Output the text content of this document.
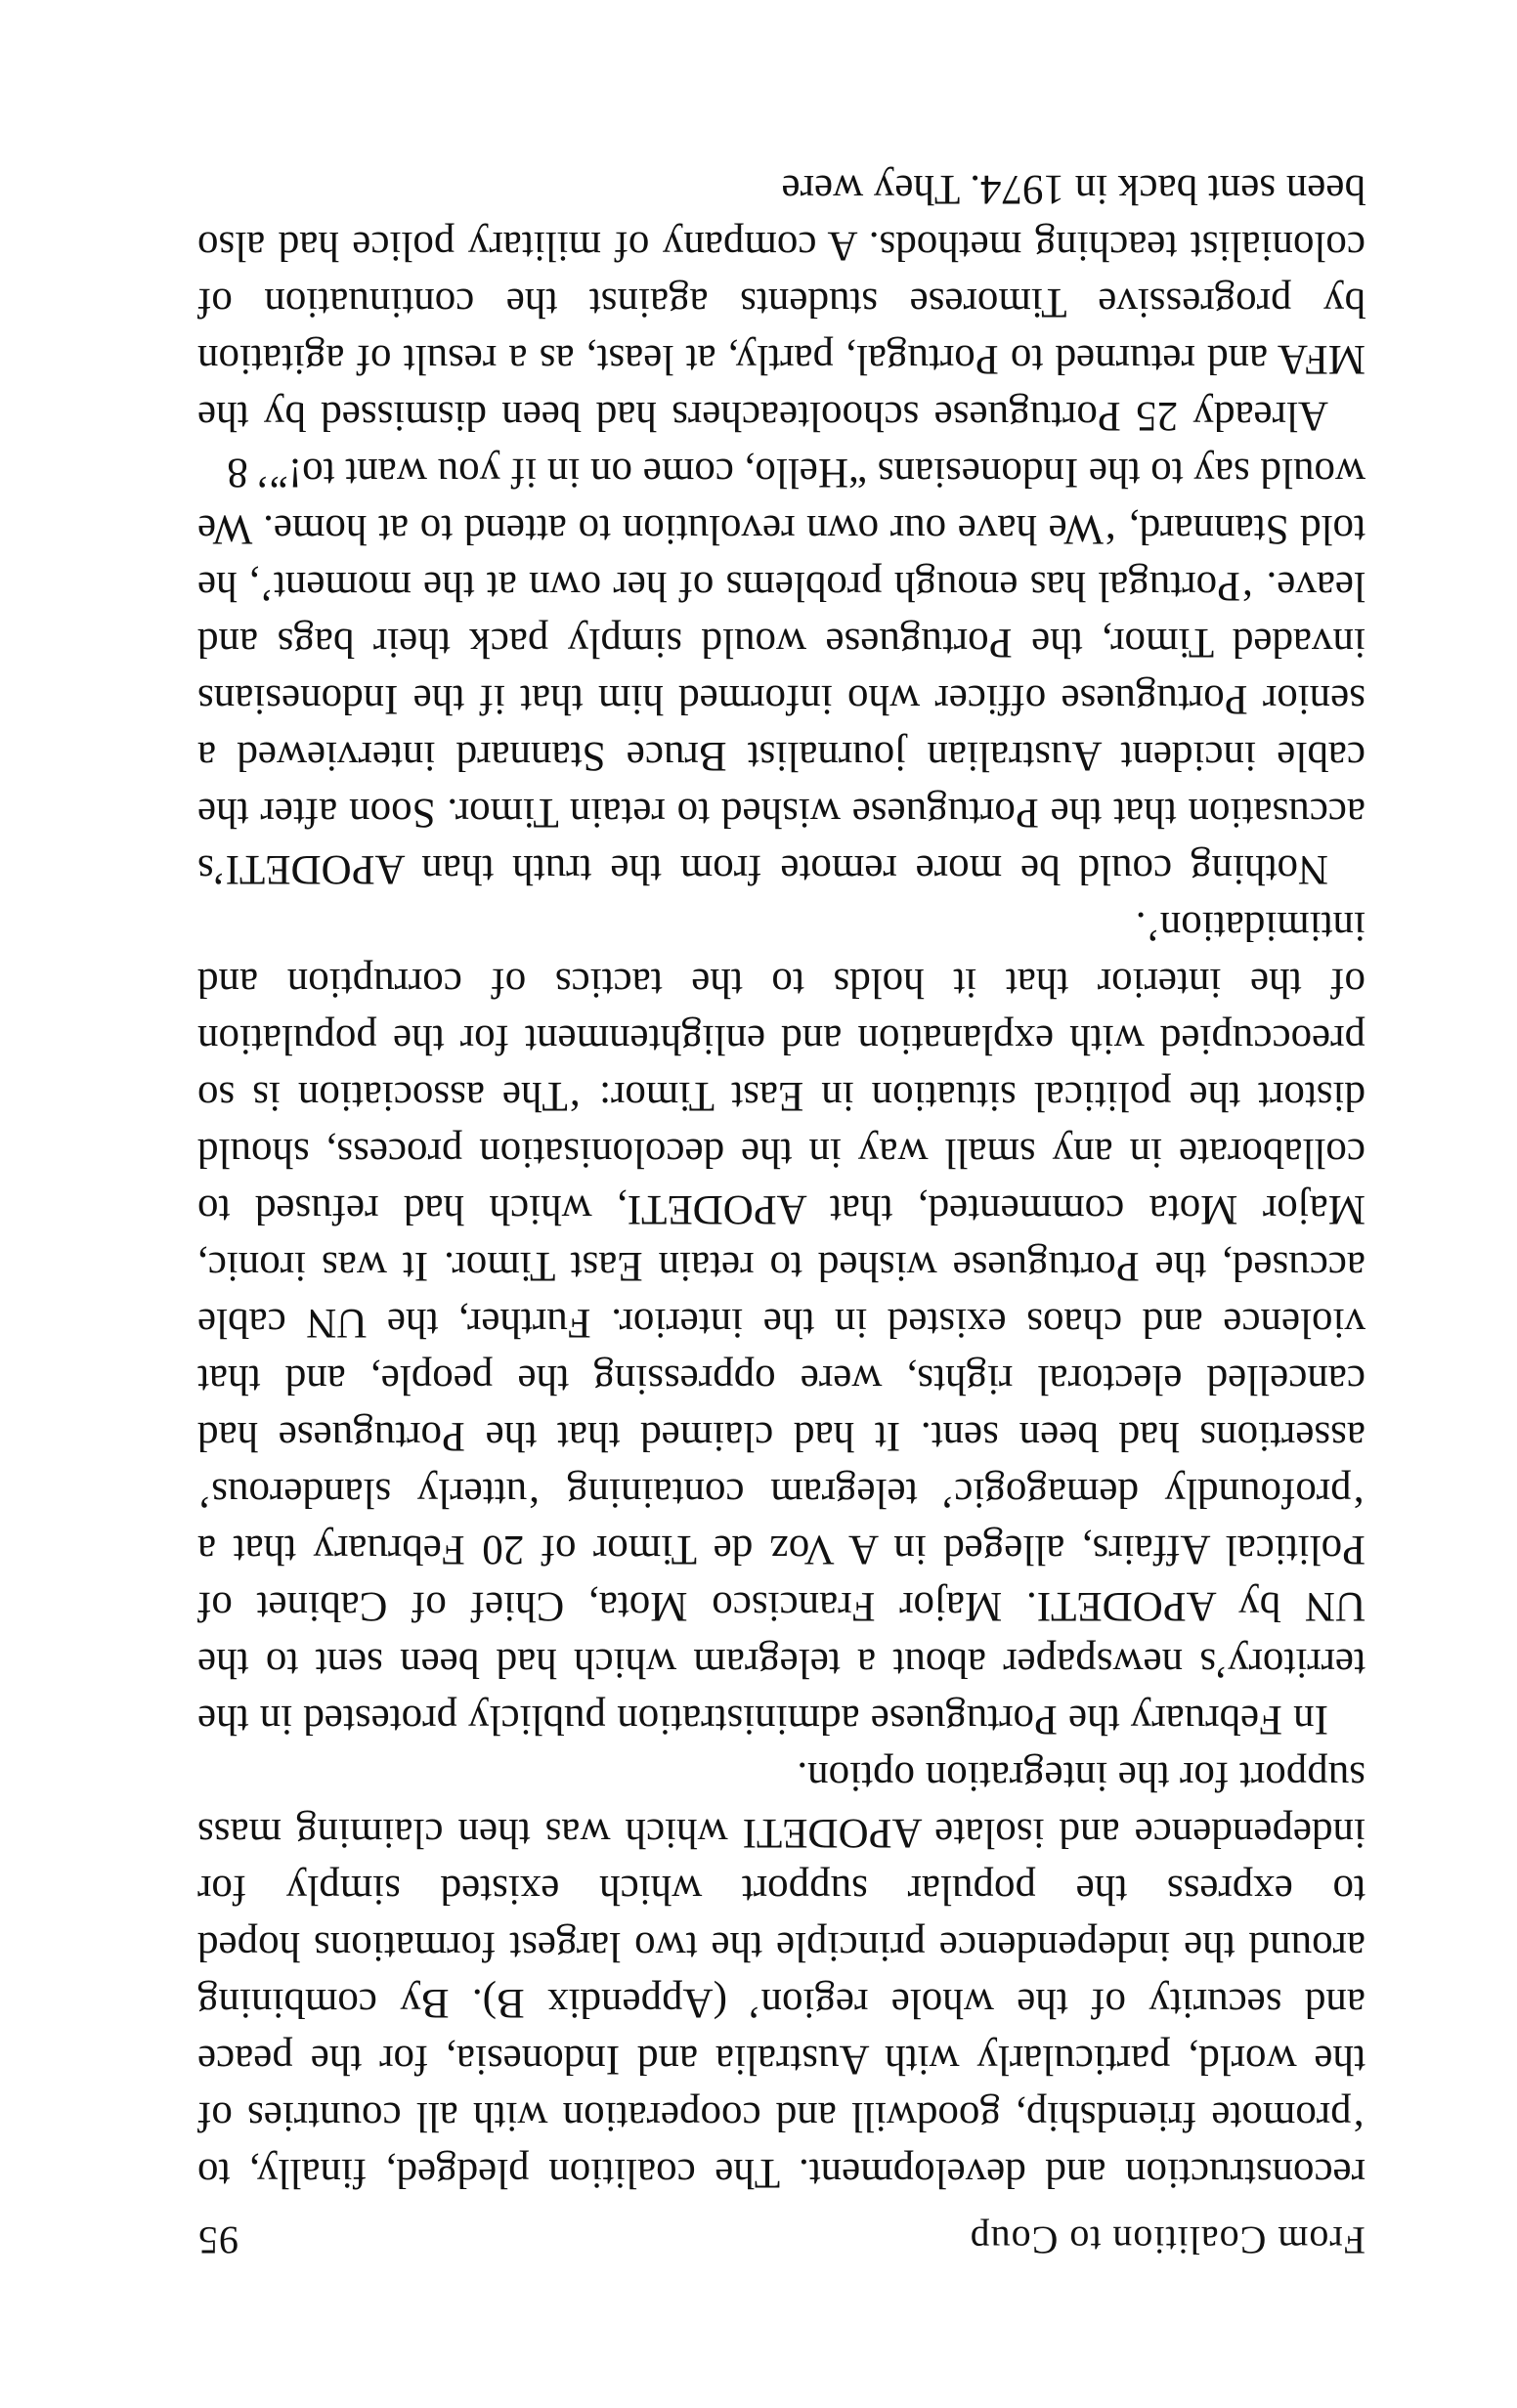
From Coalition to Coup
95

reconstruction and development. The coalition pledged, finally, to ‘promote friendship, goodwill and cooperation with all countries of the world, particularly with Australia and Indonesia, for the peace and security of the whole region’ (Appendix B). By combining around the independence principle the two largest formations hoped to express the popular support which existed simply for independence and isolate APODETI which was then claiming mass support for the integration option.

In February the Portuguese administration publicly protested in the territory’s newspaper about a telegram which had been sent to the UN by APODETI. Major Francisco Mota, Chief of Cabinet of Political Affairs, alleged in A Voz de Timor of 20 February that a ‘profoundly demagogic’ telegram containing ‘utterly slanderous’ assertions had been sent. It had claimed that the Portuguese had cancelled electoral rights, were oppressing the people, and that violence and chaos existed in the interior. Further, the UN cable accused, the Portuguese wished to retain East Timor. It was ironic, Major Mota commented, that APODETI, which had refused to collaborate in any small way in the decolonisation process, should distort the political situation in East Timor: ‘The association is so preoccupied with explanation and enlightenment for the population of the interior that it holds to the tactics of corruption and intimidation’.

Nothing could be more remote from the truth than APODETI’s accusation that the Portuguese wished to retain Timor. Soon after the cable incident Australian journalist Bruce Stannard interviewed a senior Portuguese officer who informed him that if the Indonesians invaded Timor, the Portuguese would simply pack their bags and leave. ‘Portugal has enough problems of her own at the moment’, he told Stannard, ‘We have our own revolution to attend to at home. We would say to the Indonesians “Hello, come on in if you want to!”’ 8

Already 25 Portuguese schoolteachers had been dismissed by the MFA and returned to Portugal, partly, at least, as a result of agitation by progressive Timorese students against the continuation of colonialist teaching methods. A company of military police had also been sent back in 1974. They were
